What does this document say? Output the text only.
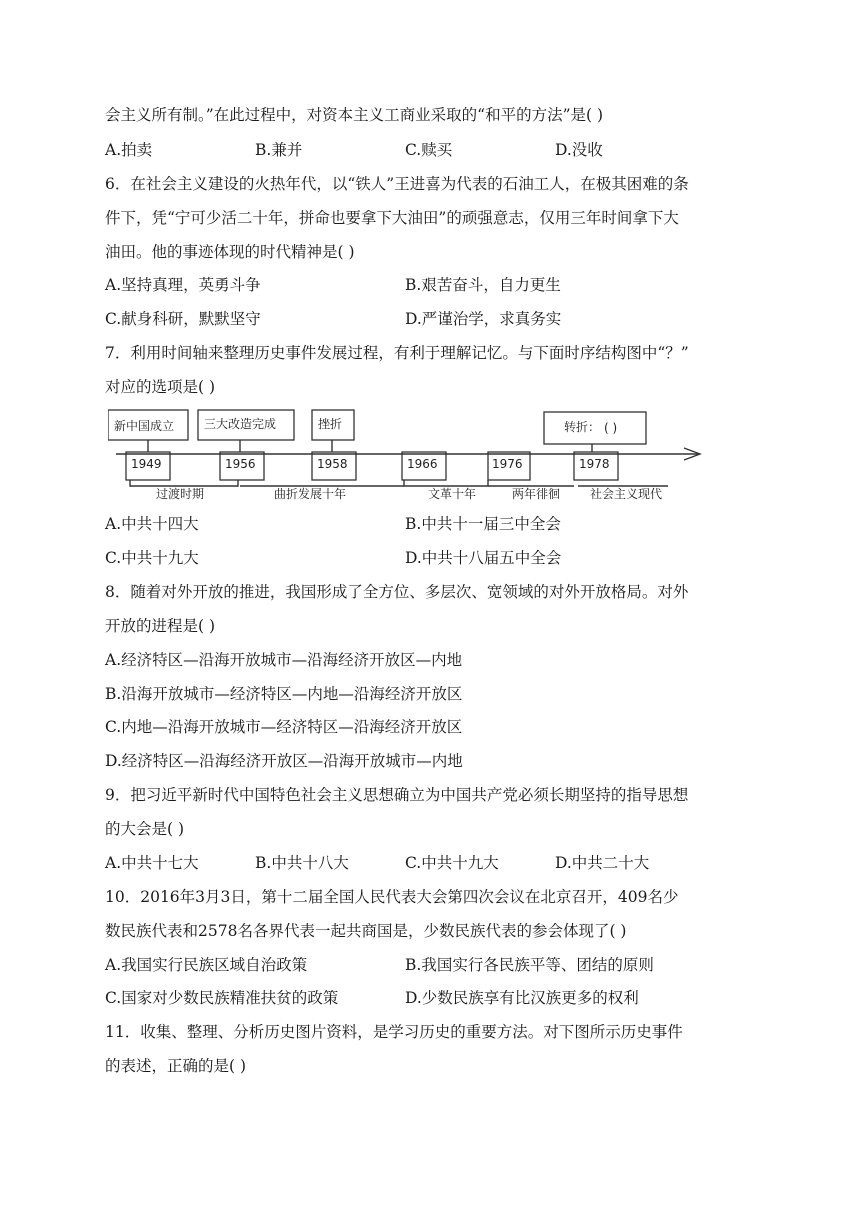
会主义所有制。”在此过程中，对资本主义工商业采取的“和平的方法”是( )
A.拍卖	B.兼并	C.赎买	D.没收
6．在社会主义建设的火热年代，以“铁人”王进喜为代表的石油工人，在极其困难的条
件下，凭“宁可少活二十年，拼命也要拿下大油田”的顽强意志，仅用三年时间拿下大
油田。他的事迹体现的时代精神是( )
A.坚持真理，英勇斗争	B.艰苦奋斗，自力更生
C.献身科研，默默坚守	D.严谨治学，求真务实
7．利用时间轴来整理历史事件发展过程，有利于理解记忆。与下面时序结构图中“？”
对应的选项是( )
新中国成立 三大改造完成	挫折	转折： ( )
1949	1956	1958	1966	1976	1978
过渡时期	曲折发展十年	文革十年	两年徘徊 社会主义现代
A.中共十四大	B.中共十一届三中全会
C.中共十九大	D.中共十八届五中全会
8．随着对外开放的推进，我国形成了全方位、多层次、宽领域的对外开放格局。对外
开放的进程是( )
A.经济特区—沿海开放城市—沿海经济开放区—内地
B.沿海开放城市—经济特区—内地—沿海经济开放区
C.内地—沿海开放城市—经济特区—沿海经济开放区
D.经济特区—沿海经济开放区—沿海开放城市—内地
9．把习近平新时代中国特色社会主义思想确立为中国共产党必须长期坚持的指导思想
的大会是( )
A.中共十七大	B.中共十八大	C.中共十九大	D.中共二十大
10．2016年3月3日，第十二届全国人民代表大会第四次会议在北京召开，409名少
数民族代表和2578名各界代表一起共商国是，少数民族代表的参会体现了( )
A.我国实行民族区域自治政策	B.我国实行各民族平等、团结的原则
C.国家对少数民族精准扶贫的政策	D.少数民族享有比汉族更多的权利
11．收集、整理、分析历史图片资料，是学习历史的重要方法。对下图所示历史事件
的表述，正确的是( )
